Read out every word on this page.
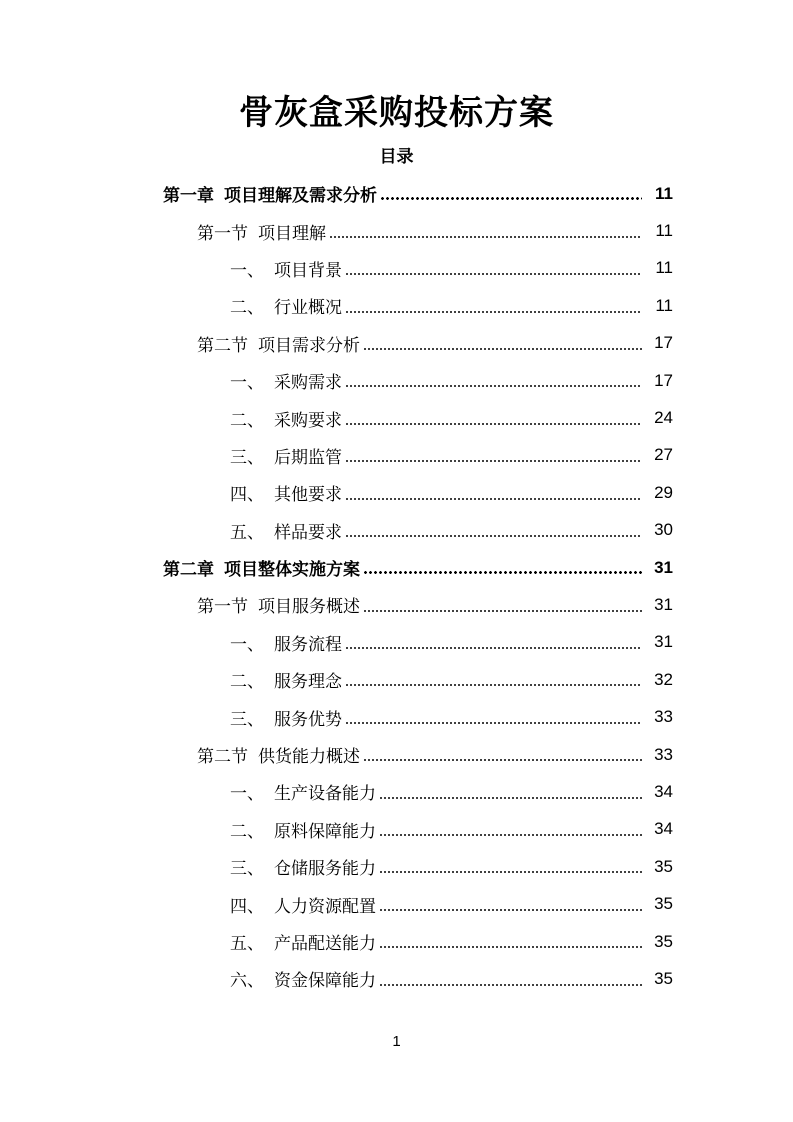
骨灰盒采购投标方案
目录
第一章 项目理解及需求分析	11
第一节 项目理解	11
一、 项目背景	11
二、 行业概况	11
第二节 项目需求分析	17
一、 采购需求	17
二、 采购要求	24
三、 后期监管	27
四、 其他要求	29
五、 样品要求	30
第二章 项目整体实施方案	31
第一节 项目服务概述	31
一、 服务流程	31
二、 服务理念	32
三、 服务优势	33
第二节 供货能力概述	33
一、 生产设备能力	34
二、 原料保障能力	34
三、 仓储服务能力	35
四、 人力资源配置	35
五、 产品配送能力	35
六、 资金保障能力	35
1
